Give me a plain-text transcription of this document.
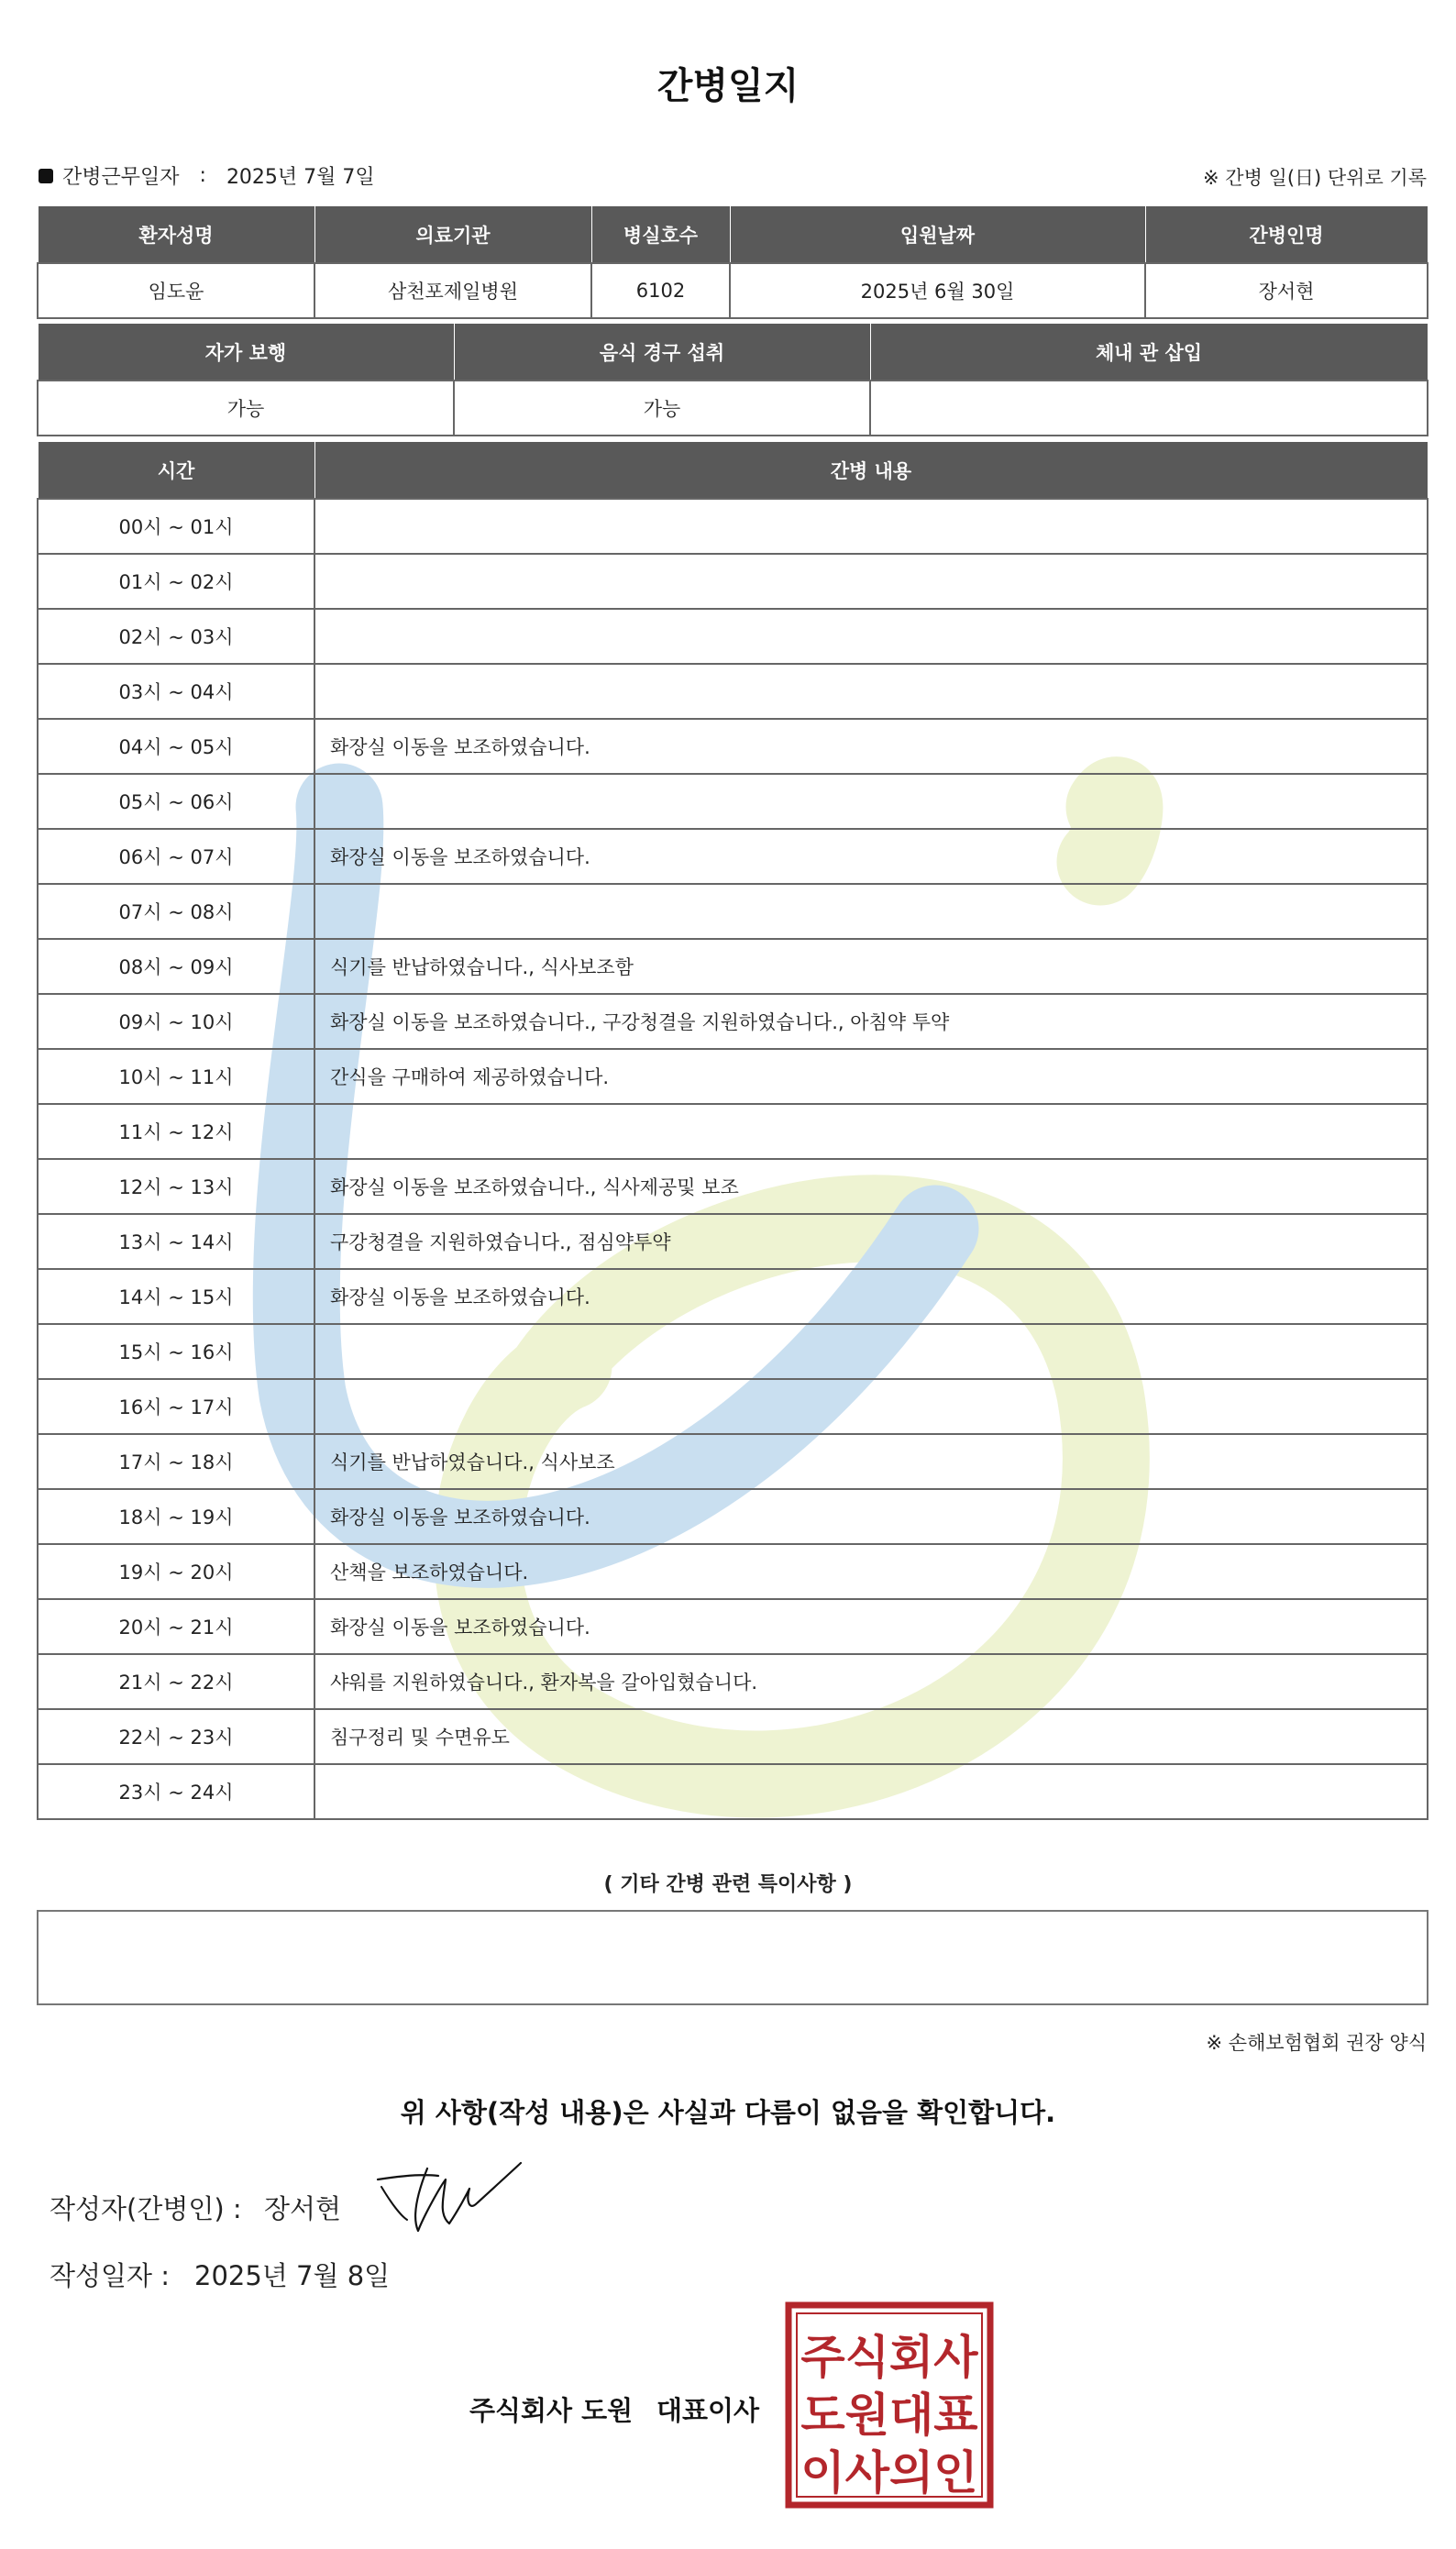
간병일지
간병근무일자 : 2025년 7월 7일	※ 간병 일(日) 단위로 기록
환자성명	의료기관	병실호수	입원날짜	간병인명
임도윤	삼천포제일병원	6102	2025년 6월 30일	장서현
자가 보행	음식 경구 섭취	체내 관 삽입
가능	가능	
시간	간병 내용
00시 ~ 01시	
01시 ~ 02시	
02시 ~ 03시	
03시 ~ 04시	
04시 ~ 05시	화장실 이동을 보조하였습니다.
05시 ~ 06시	
06시 ~ 07시	화장실 이동을 보조하였습니다.
07시 ~ 08시	
08시 ~ 09시	식기를 반납하였습니다., 식사보조함
09시 ~ 10시	화장실 이동을 보조하였습니다., 구강청결을 지원하였습니다., 아침약 투약
10시 ~ 11시	간식을 구매하여 제공하였습니다.
11시 ~ 12시	
12시 ~ 13시	화장실 이동을 보조하였습니다., 식사제공및 보조
13시 ~ 14시	구강청결을 지원하였습니다., 점심약투약
14시 ~ 15시	화장실 이동을 보조하였습니다.
15시 ~ 16시	
16시 ~ 17시	
17시 ~ 18시	식기를 반납하였습니다., 식사보조
18시 ~ 19시	화장실 이동을 보조하였습니다.
19시 ~ 20시	산책을 보조하였습니다.
20시 ~ 21시	화장실 이동을 보조하였습니다.
21시 ~ 22시	샤워를 지원하였습니다., 환자복을 갈아입혔습니다.
22시 ~ 23시	침구정리 및 수면유도
23시 ~ 24시	
( 기타 간병 관련 특이사항 )
※ 손해보험협회 권장 양식
위 사항(작성 내용)은 사실과 다름이 없음을 확인합니다.
작성자(간병인) : 장서현
작성일자 : 2025년 7월 8일
주식회사 도원 대표이사
주식회사
도원대표
이사의인
